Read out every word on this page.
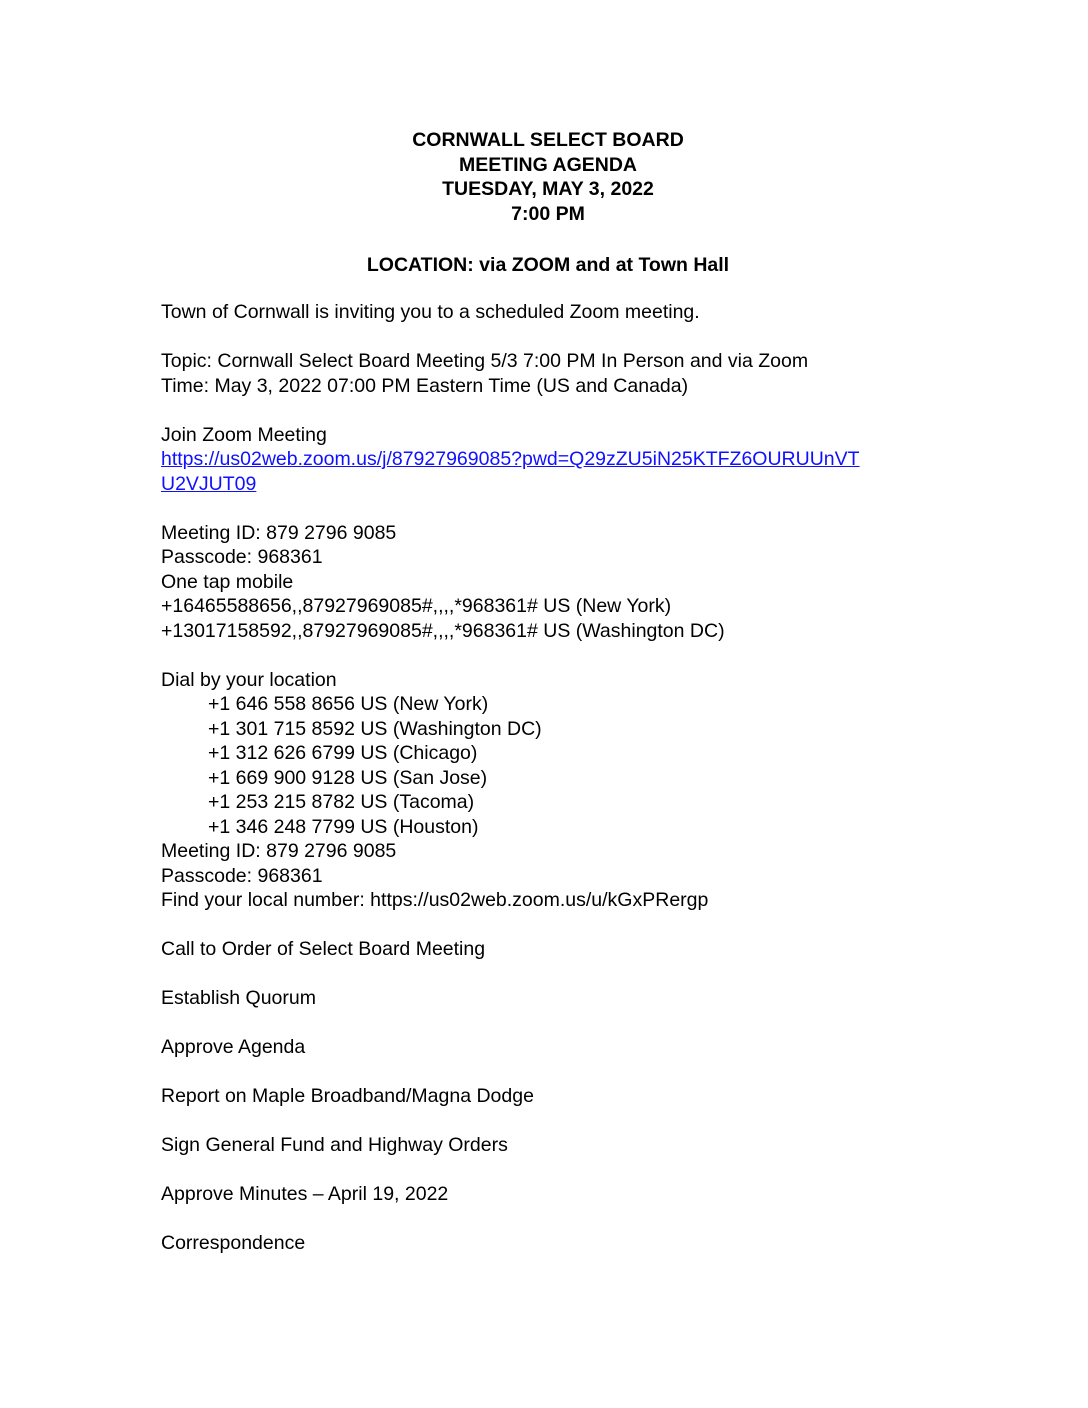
CORNWALL SELECT BOARD
MEETING AGENDA
TUESDAY, MAY 3, 2022
7:00 PM
LOCATION: via ZOOM and at Town Hall
Town of Cornwall is inviting you to a scheduled Zoom meeting.
Topic: Cornwall Select Board Meeting 5/3 7:00 PM In Person and via Zoom
Time: May 3, 2022 07:00 PM Eastern Time (US and Canada)
Join Zoom Meeting
https://us02web.zoom.us/j/87927969085?pwd=Q29zZU5iN25KTFZ6OURUUnVT
U2VJUT09
Meeting ID: 879 2796 9085
Passcode: 968361
One tap mobile
+16465588656,,87927969085#,,,,*968361# US (New York)
+13017158592,,87927969085#,,,,*968361# US (Washington DC)
Dial by your location
+1 646 558 8656 US (New York)
+1 301 715 8592 US (Washington DC)
+1 312 626 6799 US (Chicago)
+1 669 900 9128 US (San Jose)
+1 253 215 8782 US (Tacoma)
+1 346 248 7799 US (Houston)
Meeting ID: 879 2796 9085
Passcode: 968361
Find your local number: https://us02web.zoom.us/u/kGxPRergp
Call to Order of Select Board Meeting
Establish Quorum
Approve Agenda
Report on Maple Broadband/Magna Dodge
Sign General Fund and Highway Orders
Approve Minutes – April 19, 2022
Correspondence
